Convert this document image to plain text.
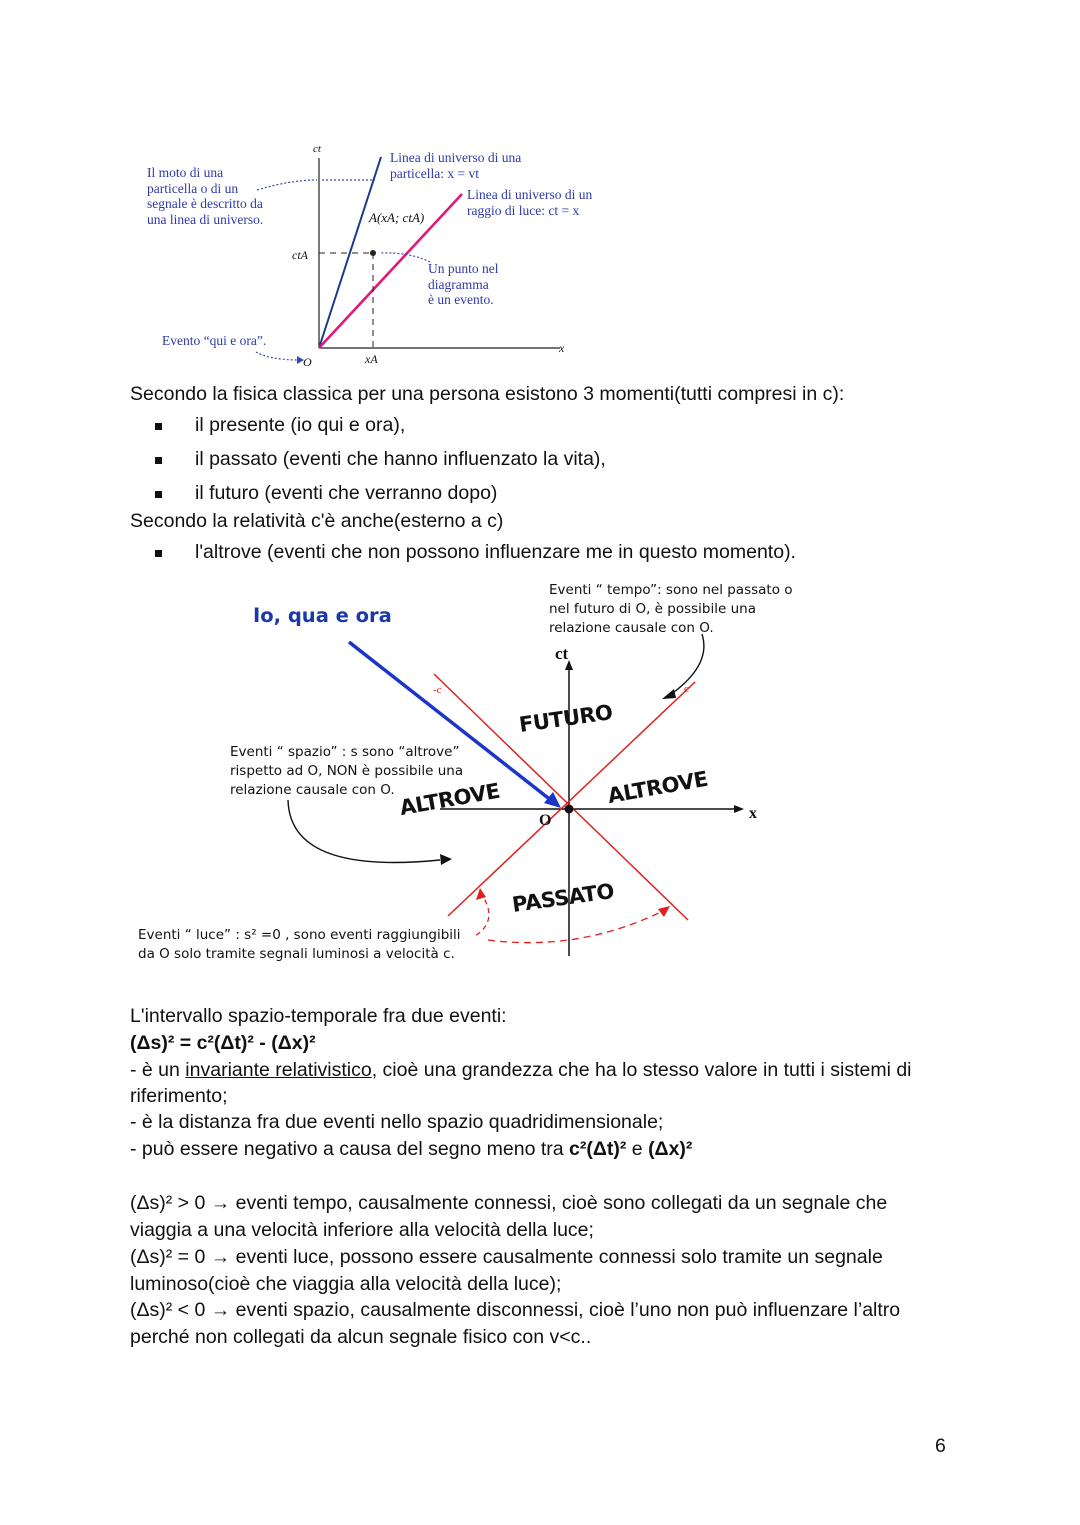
ct
x
O
ctA
xA
A(xA; ctA)
Il moto di una
particella o di un
segnale è descritto da
una linea di universo.
Linea di universo di una
particella: x = vt
Linea di universo di un
raggio di luce: ct = x
Un punto nel
diagramma
è un evento.
Evento “qui e ora”.
Secondo la fisica classica per una persona esistono 3 momenti(tutti compresi in c):
il presente (io qui e ora),
il passato (eventi che hanno influenzato la vita),
il futuro (eventi che verranno dopo)
Secondo la relatività c'è anche(esterno a c)
l'altrove (eventi che non possono influenzare me in questo momento).
Io, qua e ora
ct
x
O
-c	c
FUTURO
PASSATO
ALTROVE	ALTROVE
Eventi “ tempo”: sono nel passato o
nel futuro di O, è possibile una
relazione causale con O.
Eventi “ spazio” : s sono “altrove”
rispetto ad O, NON è possibile una
relazione causale con O.
Eventi “ luce” : s² =0 , sono eventi raggiungibili
da O solo tramite segnali luminosi a velocità c.
L'intervallo spazio-temporale fra due eventi:
(Δs)² = c²(Δt)² - (Δx)²
- è un invariante relativistico, cioè una grandezza che ha lo stesso valore in tutti i sistemi di
riferimento;
- è la distanza fra due eventi nello spazio quadridimensionale;
- può essere negativo a causa del segno meno tra c²(Δt)² e (Δx)²
(Δs)² > 0 → eventi tempo, causalmente connessi, cioè sono collegati da un segnale che
viaggia a una velocità inferiore alla velocità della luce;
(Δs)² = 0 → eventi luce, possono essere causalmente connessi solo tramite un segnale
luminoso(cioè che viaggia alla velocità della luce);
(Δs)² < 0 → eventi spazio, causalmente disconnessi, cioè l’uno non può influenzare l’altro
perché non collegati da alcun segnale fisico con v<c..
6
